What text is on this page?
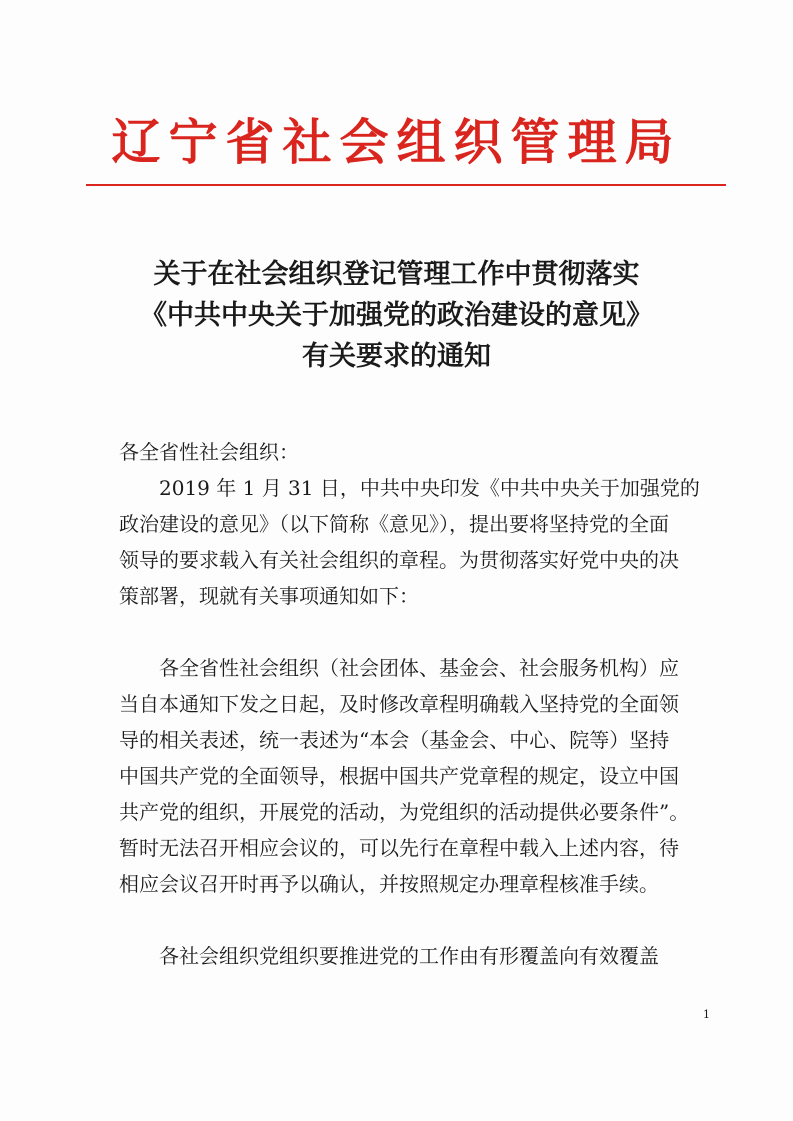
辽宁省社会组织管理局
关于在社会组织登记管理工作中贯彻落实
《中共中央关于加强党的政治建设的意见》
有关要求的通知
各全省性社会组织：
　　2019 年 1 月 31 日，中共中央印发《中共中央关于加强党的
政治建设的意见》（以下简称《意见》），提出要将坚持党的全面
领导的要求载入有关社会组织的章程。为贯彻落实好党中央的决
策部署，现就有关事项通知如下：
　　各全省性社会组织（社会团体、基金会、社会服务机构）应
当自本通知下发之日起，及时修改章程明确载入坚持党的全面领
导的相关表述，统一表述为“本会（基金会、中心、院等）坚持
中国共产党的全面领导，根据中国共产党章程的规定，设立中国
共产党的组织，开展党的活动，为党组织的活动提供必要条件”。
暂时无法召开相应会议的，可以先行在章程中载入上述内容，待
相应会议召开时再予以确认，并按照规定办理章程核准手续。
　　各社会组织党组织要推进党的工作由有形覆盖向有效覆盖
1
